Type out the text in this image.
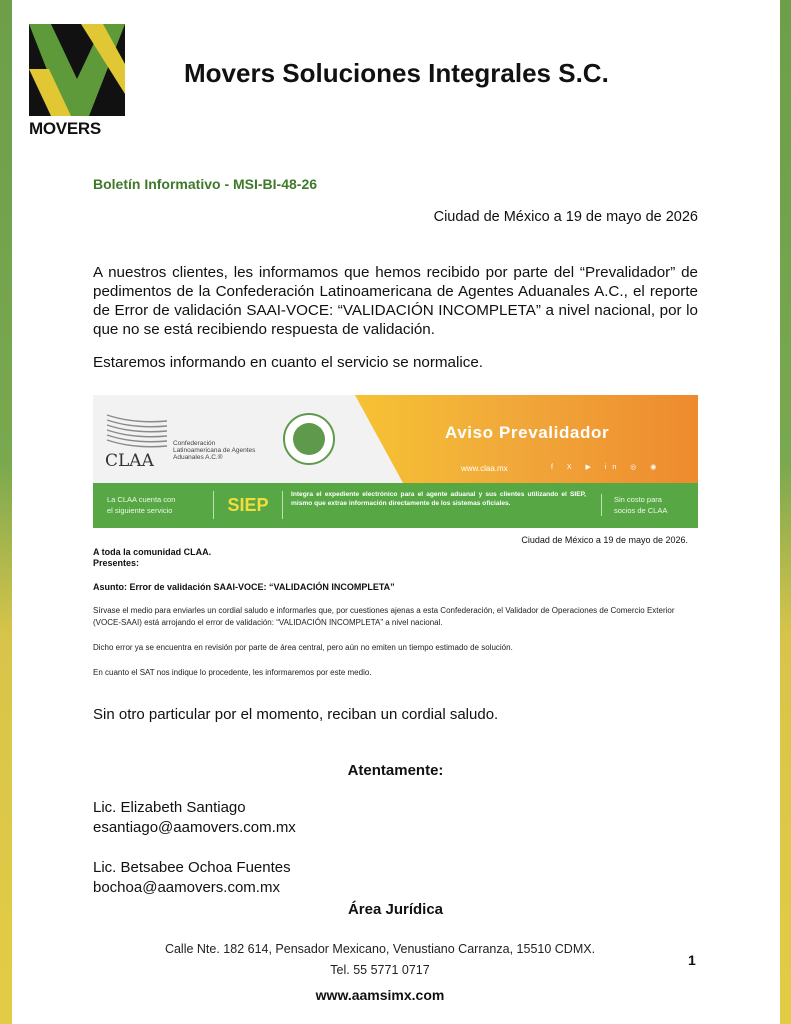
MOVERS
Movers Soluciones Integrales S.C.
Boletín Informativo - MSI-BI-48-26
Ciudad de México a 19 de mayo de 2026
A nuestros clientes, les informamos que hemos recibido por parte del “Prevalidador” de pedimentos de la Confederación Latinoamericana de Agentes Aduanales A.C., el reporte de Error de validación SAAI-VOCE: “VALIDACIÓN INCOMPLETA” a nivel nacional, por lo que no se está recibiendo respuesta de validación.
Estaremos informando en cuanto el servicio se normalice.
Confederación Latinoamericana de Agentes Aduanales A.C.®
CLAA
Aviso Prevalidador
www.claa.mx	f X ▶ in ◎ ◉
La CLAA cuenta con
el siguiente servicio	SIEP
Integra el expediente electrónico para el agente aduanal y sus clientes utilizando el SIEP, mismo que extrae información directamente de los sistemas oficiales.	Sin costo para
socios de CLAA
Ciudad de México a 19 de mayo de 2026.
A toda la comunidad CLAA.
Presentes:
Asunto: Error de validación SAAI-VOCE: “VALIDACIÓN INCOMPLETA”
Sírvase el medio para enviarles un cordial saludo e informarles que, por cuestiones ajenas a esta Confederación, el Validador de Operaciones de Comercio Exterior (VOCE-SAAI) está arrojando el error de validación: “VALIDACIÓN INCOMPLETA” a nivel nacional.
Dicho error ya se encuentra en revisión por parte de área central, pero aún no emiten un tiempo estimado de solución.
En cuanto el SAT nos indique lo procedente, les informaremos por este medio.
Sin otro particular por el momento, reciban un cordial saludo.
Atentamente:
Lic. Elizabeth Santiago
esantiago@aamovers.com.mx
Lic. Betsabee Ochoa Fuentes
bochoa@aamovers.com.mx
Área Jurídica
Calle Nte. 182 614, Pensador Mexicano, Venustiano Carranza, 15510 CDMX.
Tel. 55 5771 0717
www.aamsimx.com
1
